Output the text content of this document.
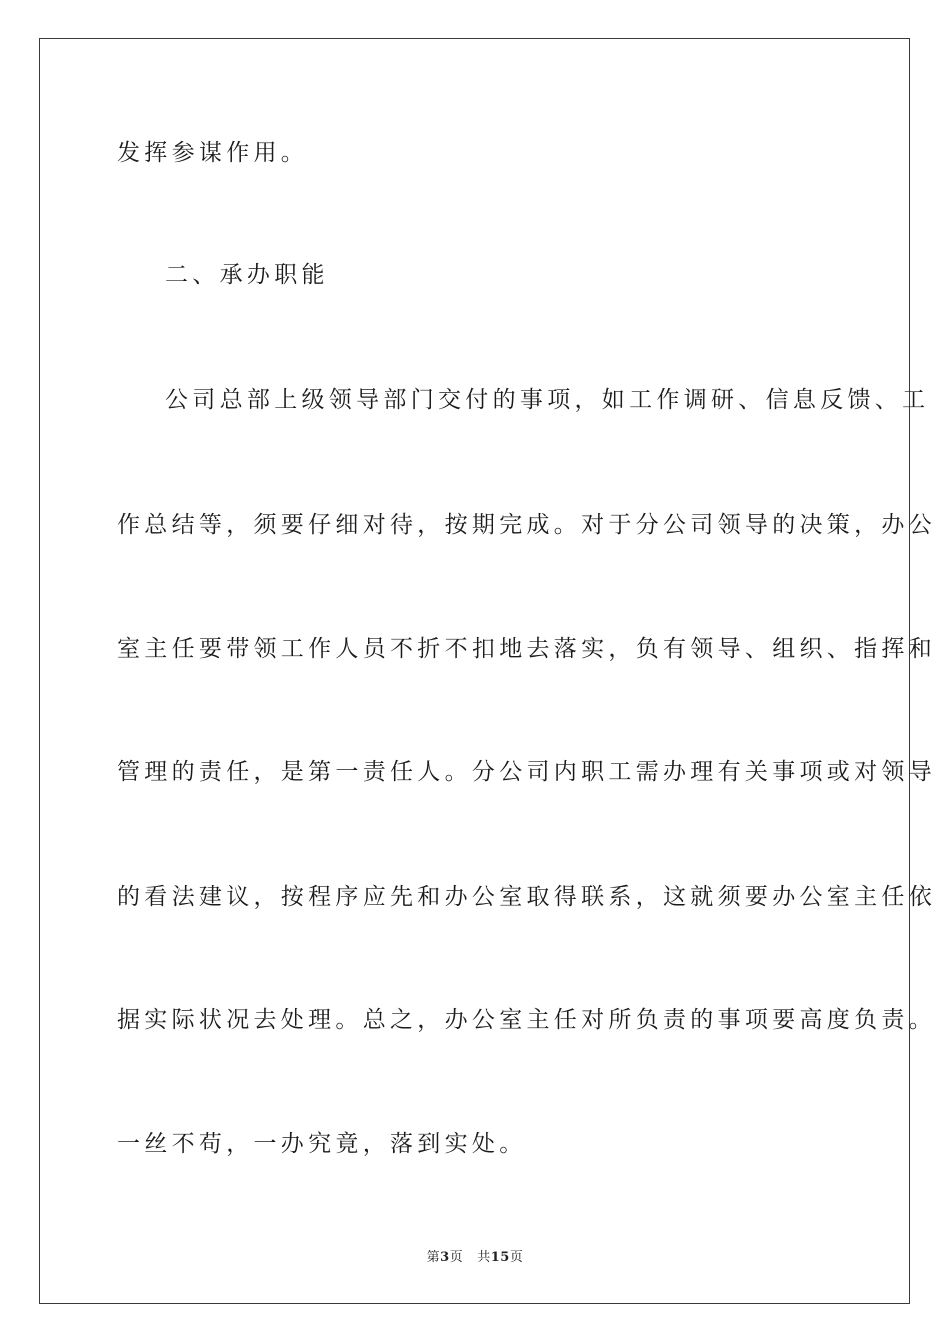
发挥参谋作用。
二、承办职能
公司总部上级领导部门交付的事项，如工作调研、信息反馈、工
作总结等，须要仔细对待，按期完成。对于分公司领导的决策，办公
室主任要带领工作人员不折不扣地去落实，负有领导、组织、指挥和
管理的责任，是第一责任人。分公司内职工需办理有关事项或对领导
的看法建议，按程序应先和办公室取得联系，这就须要办公室主任依
据实际状况去处理。总之，办公室主任对所负责的事项要高度负责。
一丝不苟，一办究竟，落到实处。
第3页 共15页
